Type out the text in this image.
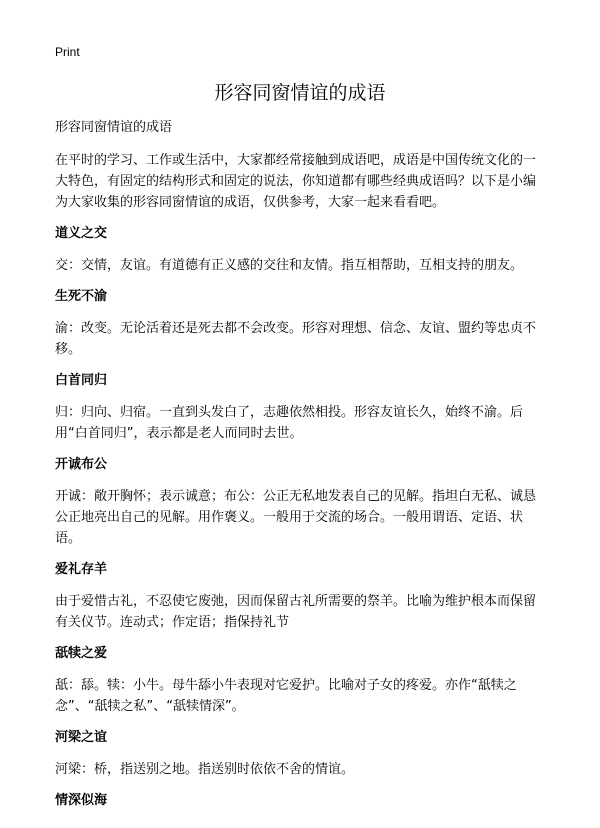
Print
形容同窗情谊的成语
形容同窗情谊的成语

在平时的学习、工作或生活中，大家都经常接触到成语吧，成语是中国传统文化的一大特色，有固定的结构形式和固定的说法，你知道都有哪些经典成语吗？以下是小编为大家收集的形容同窗情谊的成语，仅供参考，大家一起来看看吧。

道义之交

交：交情，友谊。有道德有正义感的交往和友情。指互相帮助，互相支持的朋友。

生死不渝

渝：改变。无论活着还是死去都不会改变。形容对理想、信念、友谊、盟约等忠贞不移。

白首同归

归：归向、归宿。一直到头发白了，志趣依然相投。形容友谊长久，始终不渝。后用“白首同归”，表示都是老人而同时去世。

开诚布公

开诚：敞开胸怀；表示诚意；布公：公正无私地发表自己的见解。指坦白无私、诚恳公正地亮出自己的见解。用作褒义。一般用于交流的场合。一般用谓语、定语、状语。

爱礼存羊

由于爱惜古礼，不忍使它废弛，因而保留古礼所需要的祭羊。比喻为维护根本而保留有关仪节。连动式；作定语；指保持礼节

舐犊之爱

舐：舔。犊：小牛。母牛舔小牛表现对它爱护。比喻对子女的疼爱。亦作“舐犊之念”、“舐犊之私”、“舐犊情深”。

河梁之谊

河梁：桥，指送别之地。指送别时依依不舍的情谊。

情深似海
